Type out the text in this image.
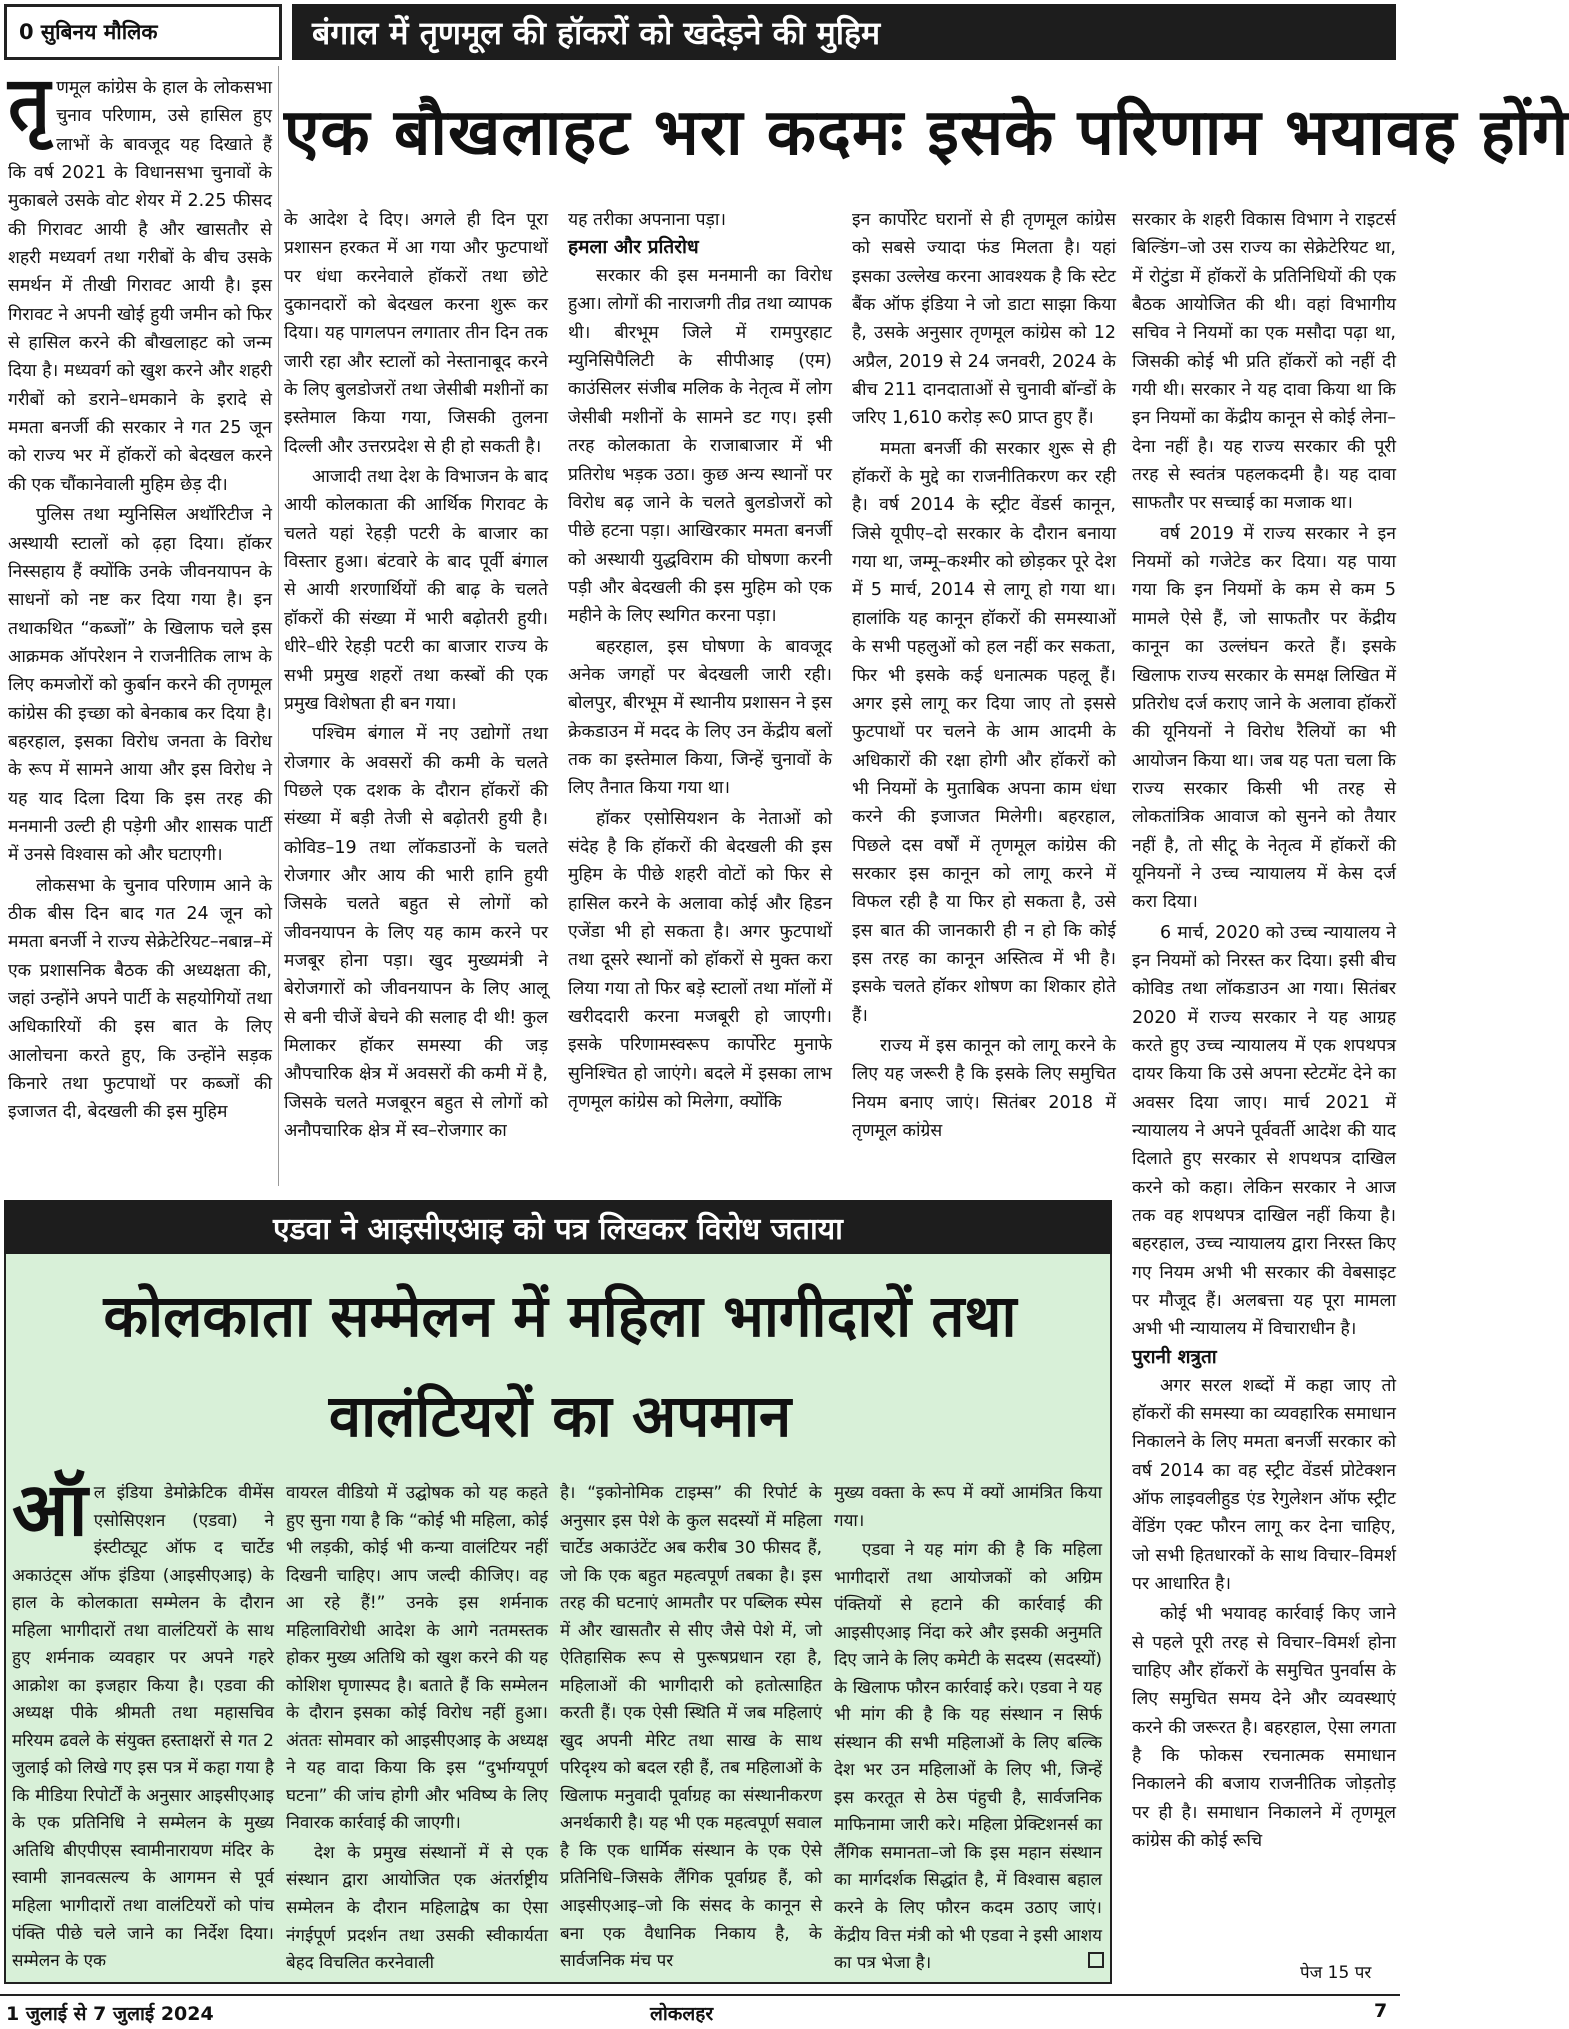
0 सुबिनय मौलिक	बंगाल में तृणमूल की हॉकरों को खदेड़ने की मुहिम
एक बौखलाहट भरा कदमः इसके परिणाम भयावह होंगे

तृणमूल कांग्रेस के हाल के लोकसभा चुनाव परिणाम, उसे हासिल हुए लाभों के बावजूद यह दिखाते हैं कि वर्ष 2021 के विधानसभा चुनावों के मुकाबले उसके वोट शेयर में 2.25 फीसद की गिरावट आयी है और खासतौर से शहरी मध्यवर्ग तथा गरीबों के बीच उसके समर्थन में तीखी गिरावट आयी है। इस गिरावट ने अपनी खोई हुयी जमीन को फिर से हासिल करने की बौखलाहट को जन्म दिया है। मध्यवर्ग को खुश करने और शहरी गरीबों को डराने–धमकाने के इरादे से ममता बनर्जी की सरकार ने गत 25 जून को राज्य भर में हॉकरों को बेदखल करने की एक चौंकानेवाली मुहिम छेड़ दी।

पुलिस तथा म्युनिसिल अथॉरिटीज ने अस्थायी स्टालों को ढ़हा दिया। हॉकर निस्सहाय हैं क्योंकि उनके जीवनयापन के साधनों को नष्ट कर दिया गया है। इन तथाकथित “कब्जों” के खिलाफ चले इस आक्रमक ऑपरेशन ने राजनीतिक लाभ के लिए कमजोरों को कुर्बान करने की तृणमूल कांग्रेस की इच्छा को बेनकाब कर दिया है। बहरहाल, इसका विरोध जनता के विरोध के रूप में सामने आया और इस विरोध ने यह याद दिला दिया कि इस तरह की मनमानी उल्टी ही पड़ेगी और शासक पार्टी में उनसे विश्वास को और घटाएगी।

लोकसभा के चुनाव परिणाम आने के ठीक बीस दिन बाद गत 24 जून को ममता बनर्जी ने राज्य सेक्रेटेरियट–नबान्न–में एक प्रशासनिक बैठक की अध्यक्षता की, जहां उन्होंने अपने पार्टी के सहयोगियों तथा अधिकारियों की इस बात के लिए आलोचना करते हुए, कि उन्होंने सड़क किनारे तथा फुटपाथों पर कब्जों की इजाजत दी, बेदखली की इस मुहिम

के आदेश दे दिए। अगले ही दिन पूरा प्रशासन हरकत में आ गया और फुटपाथों पर धंधा करनेवाले हॉकरों तथा छोटे दुकानदारों को बेदखल करना शुरू कर दिया। यह पागलपन लगातार तीन दिन तक जारी रहा और स्टालों को नेस्तानाबूद करने के लिए बुलडोजरों तथा जेसीबी मशीनों का इस्तेमाल किया गया, जिसकी तुलना दिल्ली और उत्तरप्रदेश से ही हो सकती है।

आजादी तथा देश के विभाजन के बाद आयी कोलकाता की आर्थिक गिरावट के चलते यहां रेहड़ी पटरी के बाजार का विस्तार हुआ। बंटवारे के बाद पूर्वी बंगाल से आयी शरणार्थियों की बाढ़ के चलते हॉकरों की संख्या में भारी बढ़ोतरी हुयी। धीरे–धीरे रेहड़ी पटरी का बाजार राज्य के सभी प्रमुख शहरों तथा कस्बों की एक प्रमुख विशेषता ही बन गया।

पश्चिम बंगाल में नए उद्योगों तथा रोजगार के अवसरों की कमी के चलते पिछले एक दशक के दौरान हॉकरों की संख्या में बड़ी तेजी से बढ़ोतरी हुयी है। कोविड–19 तथा लॉकडाउनों के चलते रोजगार और आय की भारी हानि हुयी जिसके चलते बहुत से लोगों को जीवनयापन के लिए यह काम करने पर मजबूर होना पड़ा। खुद मुख्यमंत्री ने बेरोजगारों को जीवनयापन के लिए आलू से बनी चीजें बेचने की सलाह दी थी! कुल मिलाकर हॉकर समस्या की जड़ औपचारिक क्षेत्र में अवसरों की कमी में है, जिसके चलते मजबूरन बहुत से लोगों को अनौपचारिक क्षेत्र में स्व–रोजगार का

यह तरीका अपनाना पड़ा।

हमला और प्रतिरोध

सरकार की इस मनमानी का विरोध हुआ। लोगों की नाराजगी तीव्र तथा व्यापक थी। बीरभूम जिले में रामपुरहाट म्युनिसिपैलिटी के सीपीआइ (एम) काउंसिलर संजीब मलिक के नेतृत्व में लोग जेसीबी मशीनों के सामने डट गए। इसी तरह कोलकाता के राजाबाजार में भी प्रतिरोध भड़क उठा। कुछ अन्य स्थानों पर विरोध बढ़ जाने के चलते बुलडोजरों को पीछे हटना पड़ा। आखिरकार ममता बनर्जी को अस्थायी युद्धविराम की घोषणा करनी पड़ी और बेदखली की इस मुहिम को एक महीने के लिए स्थगित करना पड़ा।

बहरहाल, इस घोषणा के बावजूद अनेक जगहों पर बेदखली जारी रही। बोलपुर, बीरभूम में स्थानीय प्रशासन ने इस क्रेकडाउन में मदद के लिए उन केंद्रीय बलों तक का इस्तेमाल किया, जिन्हें चुनावों के लिए तैनात किया गया था।

हॉकर एसोसियशन के नेताओं को संदेह है कि हॉकरों की बेदखली की इस मुहिम के पीछे शहरी वोटों को फिर से हासिल करने के अलावा कोई और हिडन एजेंडा भी हो सकता है। अगर फुटपाथों तथा दूसरे स्थानों को हॉकरों से मुक्त करा लिया गया तो फिर बड़े स्टालों तथा मॉलों में खरीददारी करना मजबूरी हो जाएगी। इसके परिणामस्वरूप कार्पोरेट मुनाफे सुनिश्चित हो जाएंगे। बदले में इसका लाभ तृणमूल कांग्रेस को मिलेगा, क्योंकि

इन कार्पोरेट घरानों से ही तृणमूल कांग्रेस को सबसे ज्यादा फंड मिलता है। यहां इसका उल्लेख करना आवश्यक है कि स्टेट बैंक ऑफ इंडिया ने जो डाटा साझा किया है, उसके अनुसार तृणमूल कांग्रेस को 12 अप्रैल, 2019 से 24 जनवरी, 2024 के बीच 211 दानदाताओं से चुनावी बॉन्डों के जरिए 1,610 करोड़ रू0 प्राप्त हुए हैं।

ममता बनर्जी की सरकार शुरू से ही हॉकरों के मुद्दे का राजनीतिकरण कर रही है। वर्ष 2014 के स्ट्रीट वेंडर्स कानून, जिसे यूपीए–दो सरकार के दौरान बनाया गया था, जम्मू–कश्मीर को छोड़कर पूरे देश में 5 मार्च, 2014 से लागू हो गया था। हालांकि यह कानून हॉकरों की समस्याओं के सभी पहलुओं को हल नहीं कर सकता, फिर भी इसके कई धनात्मक पहलू हैं। अगर इसे लागू कर दिया जाए तो इससे फुटपाथों पर चलने के आम आदमी के अधिकारों की रक्षा होगी और हॉकरों को भी नियमों के मुताबिक अपना काम धंधा करने की इजाजत मिलेगी। बहरहाल, पिछले दस वर्षों में तृणमूल कांग्रेस की सरकार इस कानून को लागू करने में विफल रही है या फिर हो सकता है, उसे इस बात की जानकारी ही न हो कि कोई इस तरह का कानून अस्तित्व में भी है। इसके चलते हॉकर शोषण का शिकार होते हैं।

राज्य में इस कानून को लागू करने के लिए यह जरूरी है कि इसके लिए समुचित नियम बनाए जाएं। सितंबर 2018 में तृणमूल कांग्रेस

सरकार के शहरी विकास विभाग ने राइटर्स बिल्डिंग–जो उस राज्य का सेक्रेटेरियट था, में रोटुंडा में हॉकरों के प्रतिनिधियों की एक बैठक आयोजित की थी। वहां विभागीय सचिव ने नियमों का एक मसौदा पढ़ा था, जिसकी कोई भी प्रति हॉकरों को नहीं दी गयी थी। सरकार ने यह दावा किया था कि इन नियमों का केंद्रीय कानून से कोई लेना–देना नहीं है। यह राज्य सरकार की पूरी तरह से स्वतंत्र पहलकदमी है। यह दावा साफतौर पर सच्चाई का मजाक था।

वर्ष 2019 में राज्य सरकार ने इन नियमों को गजेटेड कर दिया। यह पाया गया कि इन नियमों के कम से कम 5 मामले ऐसे हैं, जो साफतौर पर केंद्रीय कानून का उल्लंघन करते हैं। इसके खिलाफ राज्य सरकार के समक्ष लिखित में प्रतिरोध दर्ज कराए जाने के अलावा हॉकरों की यूनियनों ने विरोध रैलियों का भी आयोजन किया था। जब यह पता चला कि राज्य सरकार किसी भी तरह से लोकतांत्रिक आवाज को सुनने को तैयार नहीं है, तो सीटू के नेतृत्व में हॉकरों की यूनियनों ने उच्च न्यायालय में केस दर्ज करा दिया।

6 मार्च, 2020 को उच्च न्यायालय ने इन नियमों को निरस्त कर दिया। इसी बीच कोविड तथा लॉकडाउन आ गया। सितंबर 2020 में राज्य सरकार ने यह आग्रह करते हुए उच्च न्यायालय में एक शपथपत्र दायर किया कि उसे अपना स्टेटमेंट देने का अवसर दिया जाए। मार्च 2021 में न्यायालय ने अपने पूर्ववर्ती आदेश की याद दिलाते हुए सरकार से शपथपत्र दाखिल करने को कहा। लेकिन सरकार ने आज तक वह शपथपत्र दाखिल नहीं किया है। बहरहाल, उच्च न्यायालय द्वारा निरस्त किए गए नियम अभी भी सरकार की वेबसाइट पर मौजूद हैं। अलबत्ता यह पूरा मामला अभी भी न्यायालय में विचाराधीन है।

पुरानी शत्रुता

अगर सरल शब्दों में कहा जाए तो हॉकरों की समस्या का व्यवहारिक समाधान निकालने के लिए ममता बनर्जी सरकार को वर्ष 2014 का वह स्ट्रीट वेंडर्स प्रोटेक्शन ऑफ लाइवलीहुड एंड रेगुलेशन ऑफ स्ट्रीट वेंडिंग एक्ट फौरन लागू कर देना चाहिए, जो सभी हितधारकों के साथ विचार–विमर्श पर आधारित है।

कोई भी भयावह कार्रवाई किए जाने से पहले पूरी तरह से विचार–विमर्श होना चाहिए और हॉकरों के समुचित पुनर्वास के लिए समुचित समय देने और व्यवस्थाएं करने की जरूरत है। बहरहाल, ऐसा लगता है कि फोकस रचनात्मक समाधान निकालने की बजाय राजनीतिक जोड़तोड़ पर ही है। समाधान निकालने में तृणमूल कांग्रेस की कोई रूचि

पेज 15 पर
एडवा ने आइसीएआइ को पत्र लिखकर विरोध जताया
कोलकाता सम्मेलन में महिला भागीदारों तथा
वालंटियरों का अपमान

ऑल इंडिया डेमोक्रेटिक वीमेंस एसोसिएशन (एडवा) ने इंस्टीट्यूट ऑफ द चार्टेड अकाउंट्स ऑफ इंडिया (आइसीएआइ) के हाल के कोलकाता सम्मेलन के दौरान महिला भागीदारों तथा वालंटियरों के साथ हुए शर्मनाक व्यवहार पर अपने गहरे आक्रोश का इजहार किया है। एडवा की अध्यक्ष पीके श्रीमती तथा महासचिव मरियम ढवले के संयुक्त हस्ताक्षरों से गत 2 जुलाई को लिखे गए इस पत्र में कहा गया है कि मीडिया रिपोर्टों के अनुसार आइसीएआइ के एक प्रतिनिधि ने सम्मेलन के मुख्य अतिथि बीएपीएस स्वामीनारायण मंदिर के स्वामी ज्ञानवत्सल्य के आगमन से पूर्व महिला भागीदारों तथा वालंटियरों को पांच पंक्ति पीछे चले जाने का निर्देश दिया। सम्मेलन के एक

वायरल वीडियो में उद्घोषक को यह कहते हुए सुना गया है कि “कोई भी महिला, कोई भी लड़की, कोई भी कन्या वालंटियर नहीं दिखनी चाहिए। आप जल्दी कीजिए। वह आ रहे हैं!” उनके इस शर्मनाक महिलाविरोधी आदेश के आगे नतमस्तक होकर मुख्य अतिथि को खुश करने की यह कोशिश घृणास्पद है। बताते हैं कि सम्मेलन के दौरान इसका कोई विरोध नहीं हुआ। अंततः सोमवार को आइसीएआइ के अध्यक्ष ने यह वादा किया कि इस “दुर्भाग्यपूर्ण घटना” की जांच होगी और भविष्य के लिए निवारक कार्रवाई की जाएगी।

देश के प्रमुख संस्थानों में से एक संस्थान द्वारा आयोजित एक अंतर्राष्ट्रीय सम्मेलन के दौरान महिलाद्वेष का ऐसा नंगईपूर्ण प्रदर्शन तथा उसकी स्वीकार्यता बेहद विचलित करनेवाली

है। “इकोनोमिक टाइम्स” की रिपोर्ट के अनुसार इस पेशे के कुल सदस्यों में महिला चार्टेड अकाउंटेंट अब करीब 30 फीसद हैं, जो कि एक बहुत महत्वपूर्ण तबका है। इस तरह की घटनाएं आमतौर पर पब्लिक स्पेस में और खासतौर से सीए जैसे पेशे में, जो ऐतिहासिक रूप से पुरूषप्रधान रहा है, महिलाओं की भागीदारी को हतोत्साहित करती हैं। एक ऐसी स्थिति में जब महिलाएं खुद अपनी मेरिट तथा साख के साथ परिदृश्य को बदल रही हैं, तब महिलाओं के खिलाफ मनुवादी पूर्वाग्रह का संस्थानीकरण अनर्थकारी है। यह भी एक महत्वपूर्ण सवाल है कि एक धार्मिक संस्थान के एक ऐसे प्रतिनिधि–जिसके लैंगिक पूर्वाग्रह हैं, को आइसीएआइ–जो कि संसद के कानून से बना एक वैधानिक निकाय है, के सार्वजनिक मंच पर

मुख्य वक्ता के रूप में क्यों आमंत्रित किया गया।

एडवा ने यह मांग की है कि महिला भागीदारों तथा आयोजकों को अग्रिम पंक्तियों से हटाने की कार्रवाई की आइसीएआइ निंदा करे और इसकी अनुमति दिए जाने के लिए कमेटी के सदस्य (सदस्यों) के खिलाफ फौरन कार्रवाई करे। एडवा ने यह भी मांग की है कि यह संस्थान न सिर्फ संस्थान की सभी महिलाओं के लिए बल्कि देश भर उन महिलाओं के लिए भी, जिन्हें इस करतूत से ठेस पंहुची है, सार्वजनिक माफिनामा जारी करे। महिला प्रेक्टिशनर्स का लैंगिक समानता–जो कि इस महान संस्थान का मार्गदर्शक सिद्धांत है, में विश्वास बहाल करने के लिए फौरन कदम उठाए जाएं। केंद्रीय वित्त मंत्री को भी एडवा ने इसी आशय का पत्र भेजा है।

1 जुलाई से 7 जुलाई 2024	लोकलहर	7
